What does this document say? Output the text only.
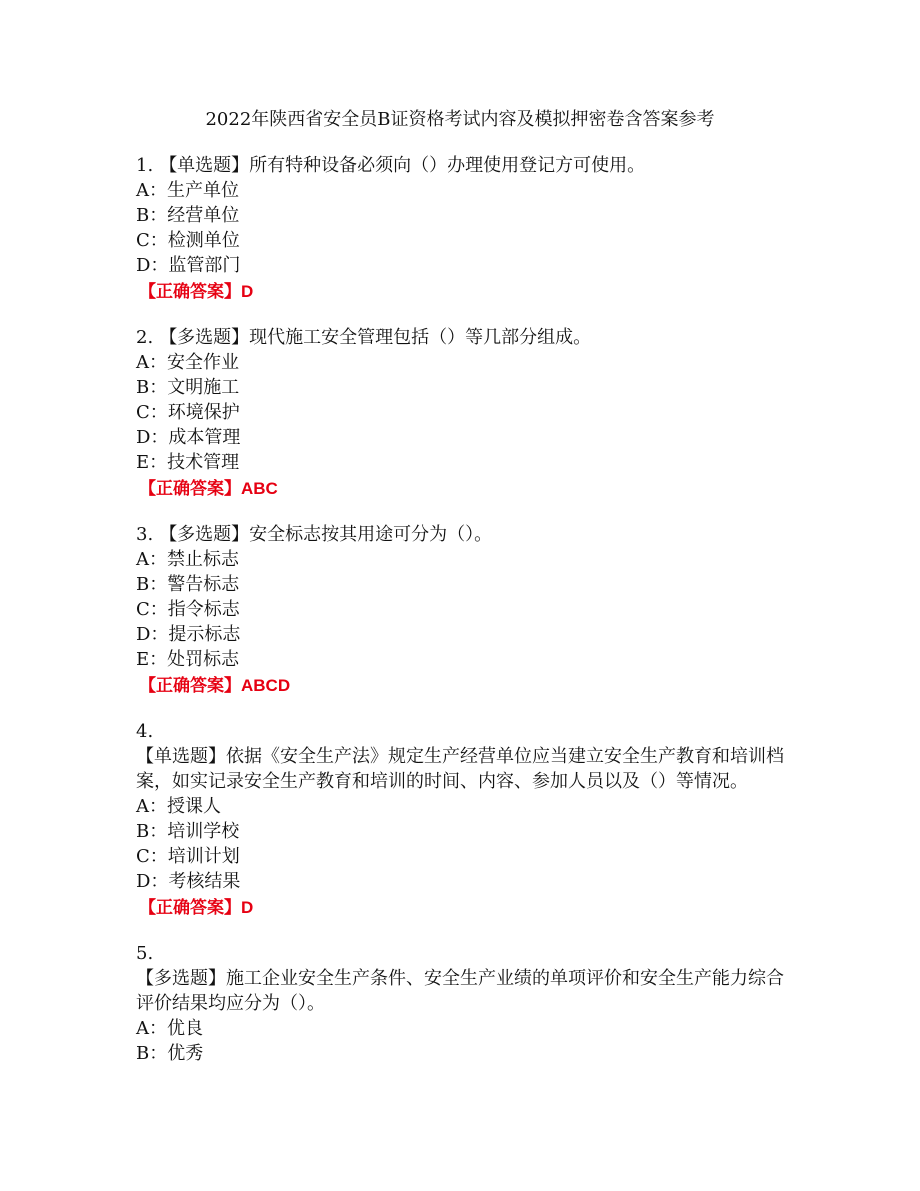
2022年陕西省安全员B证资格考试内容及模拟押密卷含答案参考
1. 【单选题】所有特种设备必须向（）办理使用登记方可使用。
A：生产单位
B：经营单位
C：检测单位
D：监管部门
【正确答案】D
2. 【多选题】现代施工安全管理包括（）等几部分组成。
A：安全作业
B：文明施工
C：环境保护
D：成本管理
E：技术管理
【正确答案】ABC
3. 【多选题】安全标志按其用途可分为（）。
A：禁止标志
B：警告标志
C：指令标志
D：提示标志
E：处罚标志
【正确答案】ABCD
4.
【单选题】依据《安全生产法》规定生产经营单位应当建立安全生产教育和培训档案，如实记录安全生产教育和培训的时间、内容、参加人员以及（）等情况。
A：授课人
B：培训学校
C：培训计划
D：考核结果
【正确答案】D
5.
【多选题】施工企业安全生产条件、安全生产业绩的单项评价和安全生产能力综合评价结果均应分为（）。
A：优良
B：优秀
